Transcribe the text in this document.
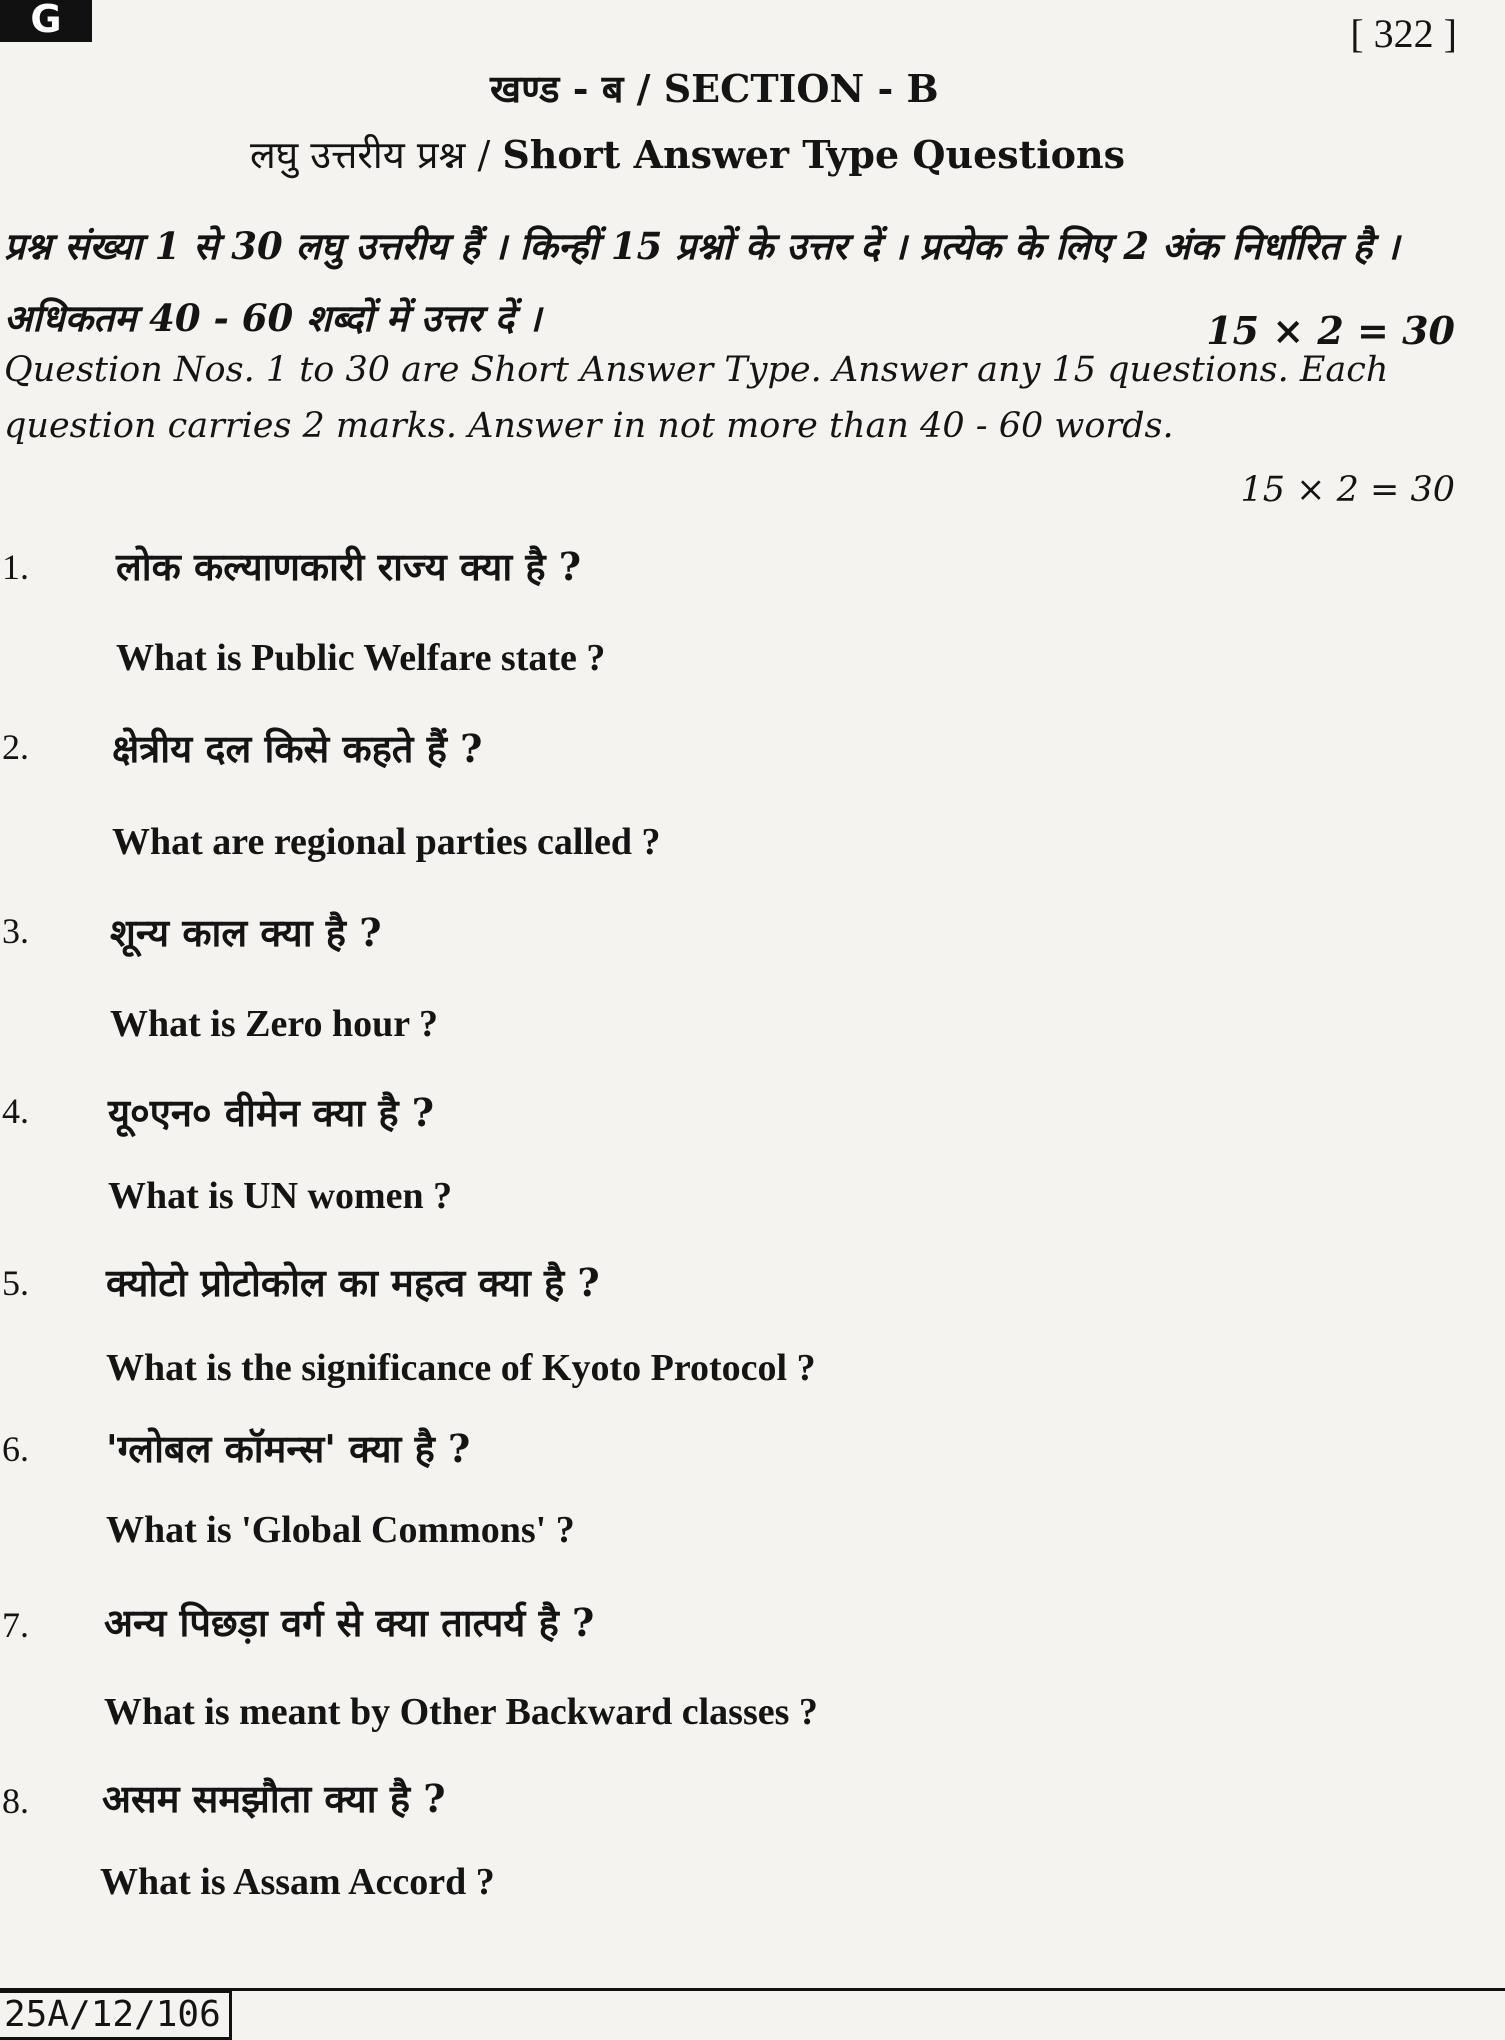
G	[ 322 ]
खण्ड - ब / SECTION - B
लघु उत्तरीय प्रश्न / Short Answer Type Questions
प्रश्न संख्या 1 से 30 लघु उत्तरीय हैं । किन्हीं 15 प्रश्नों के उत्तर दें । प्रत्येक के लिए 2 अंक निर्धारित है । अधिकतम 40 - 60 शब्दों में उत्तर दें ।	15 × 2 = 30
Question Nos. 1 to 30 are Short Answer Type. Answer any 15 questions. Each question carries 2 marks. Answer in not more than 40 - 60 words.
15 × 2 = 30
1. लोक कल्याणकारी राज्य क्या है ?
What is Public Welfare state ?
2. क्षेत्रीय दल किसे कहते हैं ?
What are regional parties called ?
3. शून्य काल क्या है ?
What is Zero hour ?
4. यू०एन० वीमेन क्या है ?
What is UN women ?
5. क्योटो प्रोटोकोल का महत्व क्या है ?
What is the significance of Kyoto Protocol ?
6. 'ग्लोबल कॉमन्स' क्या है ?
What is 'Global Commons' ?
7. अन्य पिछड़ा वर्ग से क्या तात्पर्य है ?
What is meant by Other Backward classes ?
8. असम समझौता क्या है ?
What is Assam Accord ?
25A/12/106
